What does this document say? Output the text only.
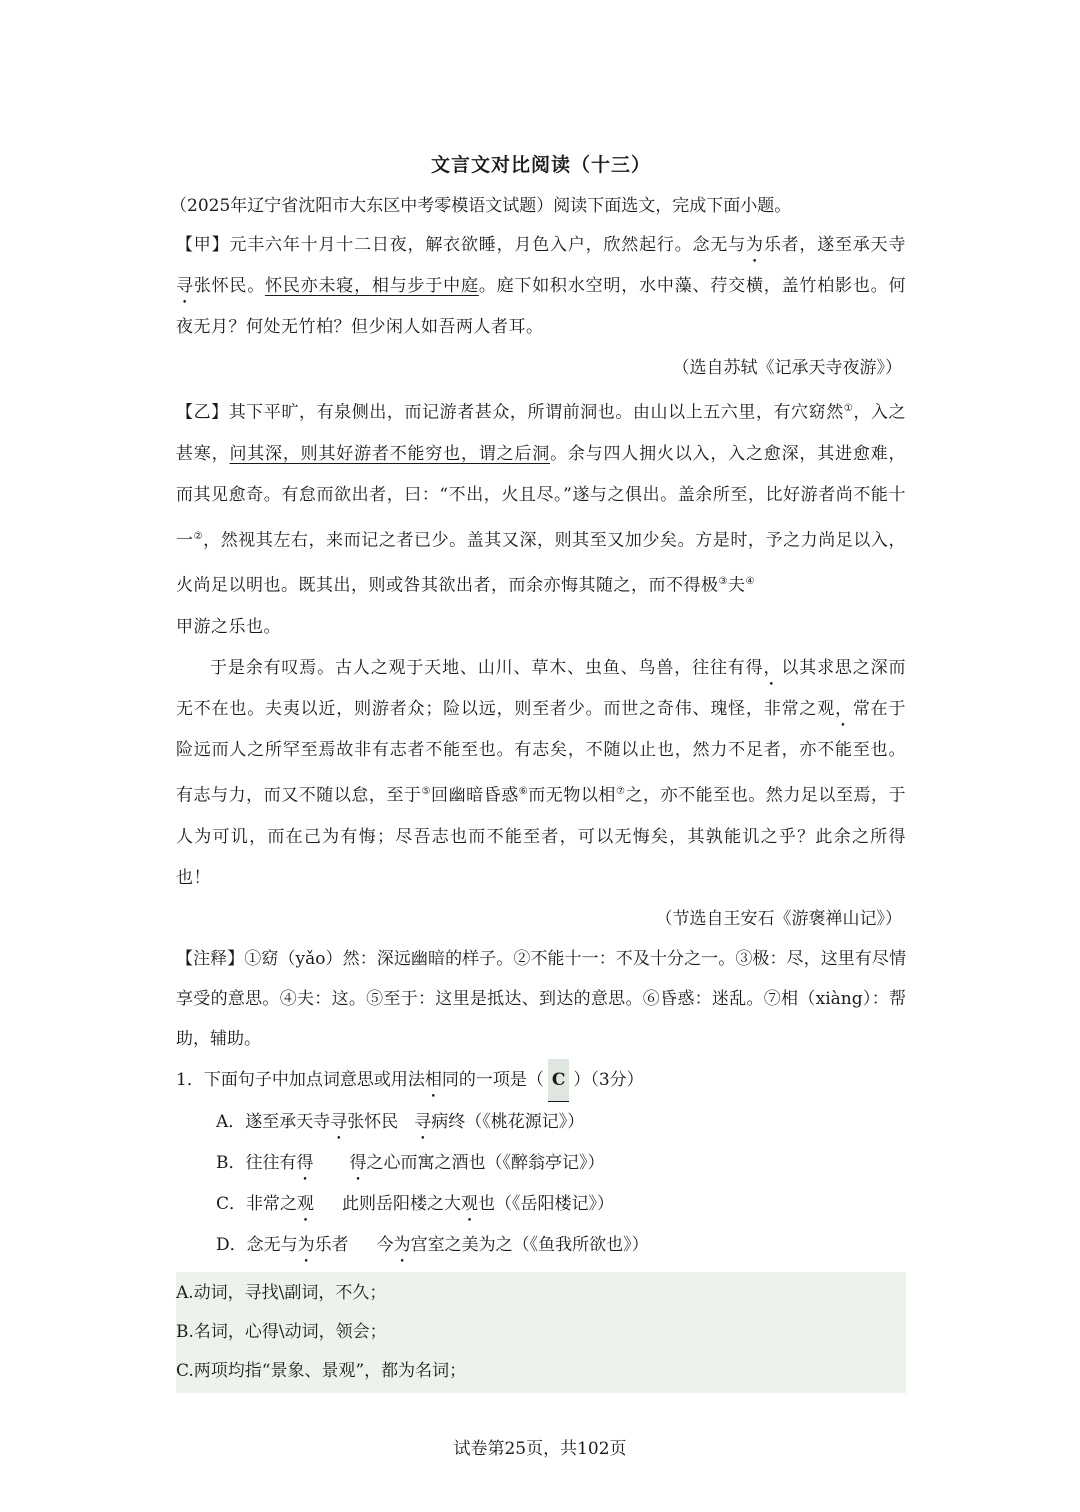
文言文对比阅读（十三）
（2025年辽宁省沈阳市大东区中考零模语文试题）阅读下面选文，完成下面小题。

【甲】元丰六年十月十二日夜，解衣欲睡，月色入户，欣然起行。念无与为乐者，遂至承天寺寻张怀民。怀民亦未寝，相与步于中庭。庭下如积水空明，水中藻、荇交横，盖竹柏影也。何夜无月？何处无竹柏？但少闲人如吾两人者耳。

（选自苏轼《记承天寺夜游》）

【乙】其下平旷，有泉侧出，而记游者甚众，所谓前洞也。由山以上五六里，有穴窈然①，入之甚寒，问其深，则其好游者不能穷也，谓之后洞。余与四人拥火以入，入之愈深，其进愈难，而其见愈奇。有怠而欲出者，曰：“不出，火且尽。”遂与之俱出。盖余所至，比好游者尚不能十一②，然视其左右，来而记之者已少。盖其又深，则其至又加少矣。方是时，予之力尚足以入，火尚足以明也。既其出，则或咎其欲出者，而余亦悔其随之，而不得极③夫④
甲游之乐也。

于是余有叹焉。古人之观于天地、山川、草木、虫鱼、鸟兽，往往有得，以其求思之深而无不在也。夫夷以近，则游者众；险以远，则至者少。而世之奇伟、瑰怪，非常之观，常在于险远而人之所罕至焉故非有志者不能至也。有志矣，不随以止也，然力不足者，亦不能至也。有志与力，而又不随以怠，至于⑤回幽暗昏惑⑥而无物以相⑦之，亦不能至也。然力足以至焉，于人为可讥，而在己为有悔；尽吾志也而不能至者，可以无悔矣，其孰能讥之乎？此余之所得也！

（节选自王安石《游褒禅山记》）

【注释】①窈（yǎo）然：深远幽暗的样子。②不能十一：不及十分之一。③极：尽，这里有尽情享受的意思。④夫：这。⑤至于：这里是抵达、到达的意思。⑥昏惑：迷乱。⑦相（xiàng）：帮助，辅助。

1．下面句子中加点词意思或用法相同的一项是（ C ）（3分）

A．遂至承天寺寻张怀民 寻病终（《桃花源记》）

B．往往有得 得之心而寓之酒也（《醉翁亭记》）

C．非常之观 此则岳阳楼之大观也（《岳阳楼记》）

D．念无与为乐者 今为宫室之美为之（《鱼我所欲也》）

A.动词，寻找\副词，不久；
B.名词，心得\动词，领会；
C.两项均指“景象、景观”，都为名词；
试卷第25页，共102页
